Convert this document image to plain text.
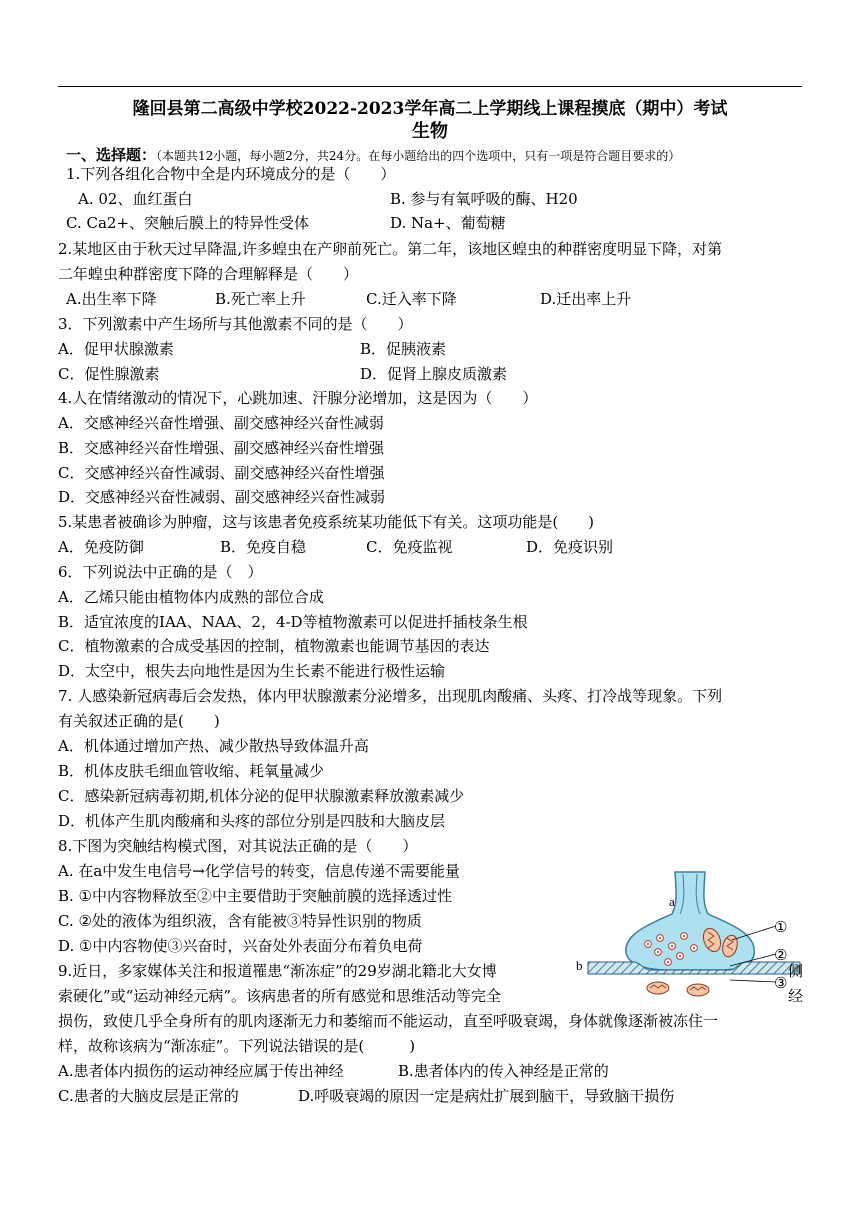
隆回县第二高级中学校2022-2023学年高二上学期线上课程摸底（期中）考试
生物
一、选择题：（本题共12小题，每小题2分，共24分。在每小题给出的四个选项中，只有一项是符合题目要求的）
1.下列各组化合物中全是内环境成分的是（　　）
A. 02、血红蛋白	B. 参与有氧呼吸的酶、H20
C. Ca2+、突触后膜上的特异性受体	D. Na+、葡萄糖
2.某地区由于秋天过早降温,许多蝗虫在产卵前死亡。第二年，该地区蝗虫的种群密度明显下降，对第
二年蝗虫种群密度下降的合理解释是（　　）
A.出生率下降	B.死亡率上升	C.迁入率下降	D.迁出率上升
3．下列激素中产生场所与其他激素不同的是（　　）
A．促甲状腺激素	B．促胰液素
C．促性腺激素	D．促肾上腺皮质激素
4.人在情绪激动的情况下，心跳加速、汗腺分泌增加，这是因为（　　）
A．交感神经兴奋性增强、副交感神经兴奋性减弱
B．交感神经兴奋性增强、副交感神经兴奋性增强
C．交感神经兴奋性减弱、副交感神经兴奋性增强
D．交感神经兴奋性减弱、副交感神经兴奋性减弱
5.某患者被确诊为肿瘤，这与该患者免疫系统某功能低下有关。这项功能是(　　)
A．免疫防御	B．免疫自稳	C．免疫监视	D．免疫识别
6．下列说法中正确的是（　）
A．乙烯只能由植物体内成熟的部位合成
B．适宜浓度的IAA、NAA、2，4-D等植物激素可以促进扦插枝条生根
C．植物激素的合成受基因的控制，植物激素也能调节基因的表达
D．太空中，根失去向地性是因为生长素不能进行极性运输
7. 人感染新冠病毒后会发热，体内甲状腺激素分泌增多，出现肌肉酸痛、头疼、打冷战等现象。下列
有关叙述正确的是(　　)
A．机体通过增加产热、减少散热导致体温升高
B．机体皮肤毛细血管收缩、耗氧量减少
C．感染新冠病毒初期,机体分泌的促甲状腺激素释放激素减少
D．机体产生肌肉酸痛和头疼的部位分别是四肢和大脑皮层
8.下图为突触结构模式图，对其说法正确的是（　　）
A. 在a中发生电信号→化学信号的转变，信息传递不需要能量
B. ①中内容物释放至②中主要借助于突触前膜的选择透过性
C. ②处的液体为组织液，含有能被③特异性识别的物质
D. ①中内容物使③兴奋时，兴奋处外表面分布着负电荷
a
b
①
②
③
9.近日，多家媒体关注和报道罹患“渐冻症”的29岁湖北籍北大女博	侧
索硬化”或“运动神经元病”。该病患者的所有感觉和思维活动等完全	经
损伤，致使几乎全身所有的肌肉逐渐无力和萎缩而不能运动，直至呼吸衰竭，身体就像逐渐被冻住一
样，故称该病为“渐冻症”。下列说法错误的是(　　　)
A.患者体内损伤的运动神经应属于传出神经	B.患者体内的传入神经是正常的
C.患者的大脑皮层是正常的	D.呼吸衰竭的原因一定是病灶扩展到脑干，导致脑干损伤
